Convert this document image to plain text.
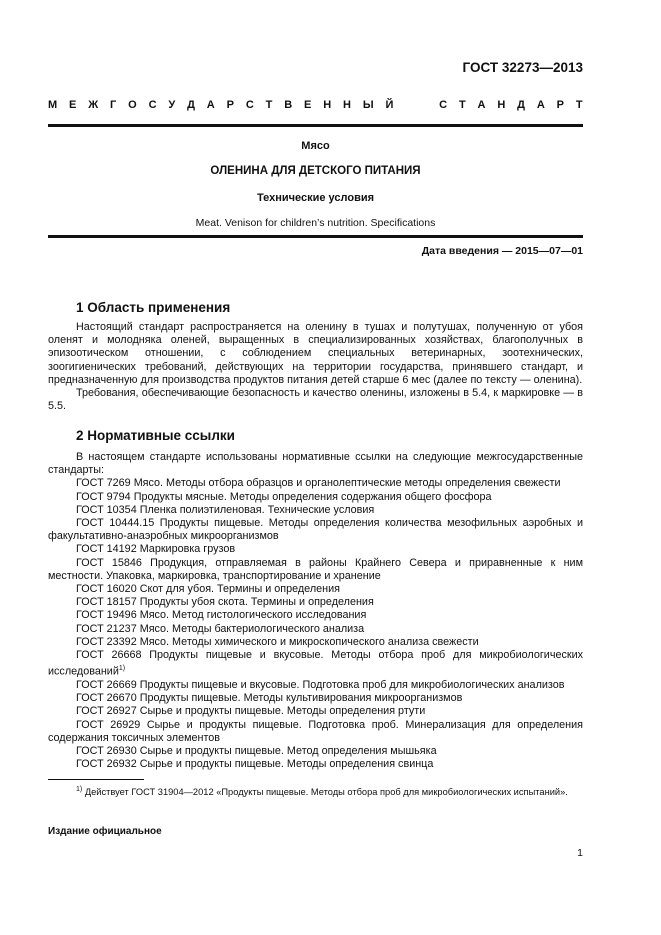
ГОСТ 32273—2013
М Е Ж Г О С У Д А Р С Т В Е Н Н Ы Й	С Т А Н Д А Р Т
Мясо
ОЛЕНИНА ДЛЯ ДЕТСКОГО ПИТАНИЯ
Технические условия
Meat. Venison for children’s nutrition. Specifications
Дата введения — 2015—07—01
1 Область применения

Настоящий стандарт распространяется на оленину в тушах и полутушах, полученную от убоя оленят и молодняка оленей, выращенных в специализированных хозяйствах, благополучных в эпизоотическом отношении, с соблюдением специальных ветеринарных, зоотехнических, зоогигиенических требований, действующих на территории государства, принявшего стандарт, и предназначенную для производства продуктов питания детей старше 6 мес (далее по тексту — оленина).

Требования, обеспечивающие безопасность и качество оленины, изложены в 5.4, к маркировке — в 5.5.

2 Нормативные ссылки

В настоящем стандарте использованы нормативные ссылки на следующие межгосударственные стандарты:

ГОСТ 7269 Мясо. Методы отбора образцов и органолептические методы определения свежести

ГОСТ 9794 Продукты мясные. Методы определения содержания общего фосфора

ГОСТ 10354 Пленка полиэтиленовая. Технические условия

ГОСТ 10444.15 Продукты пищевые. Методы определения количества мезофильных аэробных и факультативно-анаэробных микроорганизмов

ГОСТ 14192 Маркировка грузов

ГОСТ 15846 Продукция, отправляемая в районы Крайнего Севера и приравненные к ним местности. Упаковка, маркировка, транспортирование и хранение

ГОСТ 16020 Скот для убоя. Термины и определения

ГОСТ 18157 Продукты убоя скота. Термины и определения

ГОСТ 19496 Мясо. Метод гистологического исследования

ГОСТ 21237 Мясо. Методы бактериологического анализа

ГОСТ 23392 Мясо. Методы химического и микроскопического анализа свежести

ГОСТ 26668 Продукты пищевые и вкусовые. Методы отбора проб для микробиологических исследований$^{1)}$

ГОСТ 26669 Продукты пищевые и вкусовые. Подготовка проб для микробиологических анализов

ГОСТ 26670 Продукты пищевые. Методы культивирования микроорганизмов

ГОСТ 26927 Сырье и продукты пищевые. Методы определения ртути

ГОСТ 26929 Сырье и продукты пищевые. Подготовка проб. Минерализация для определения содержания токсичных элементов

ГОСТ 26930 Сырье и продукты пищевые. Метод определения мышьяка

ГОСТ 26932 Сырье и продукты пищевые. Методы определения свинца

$^{1)}$ Действует ГОСТ 31904—2012 «Продукты пищевые. Методы отбора проб для микробиологических испытаний».
Издание официальное
1
